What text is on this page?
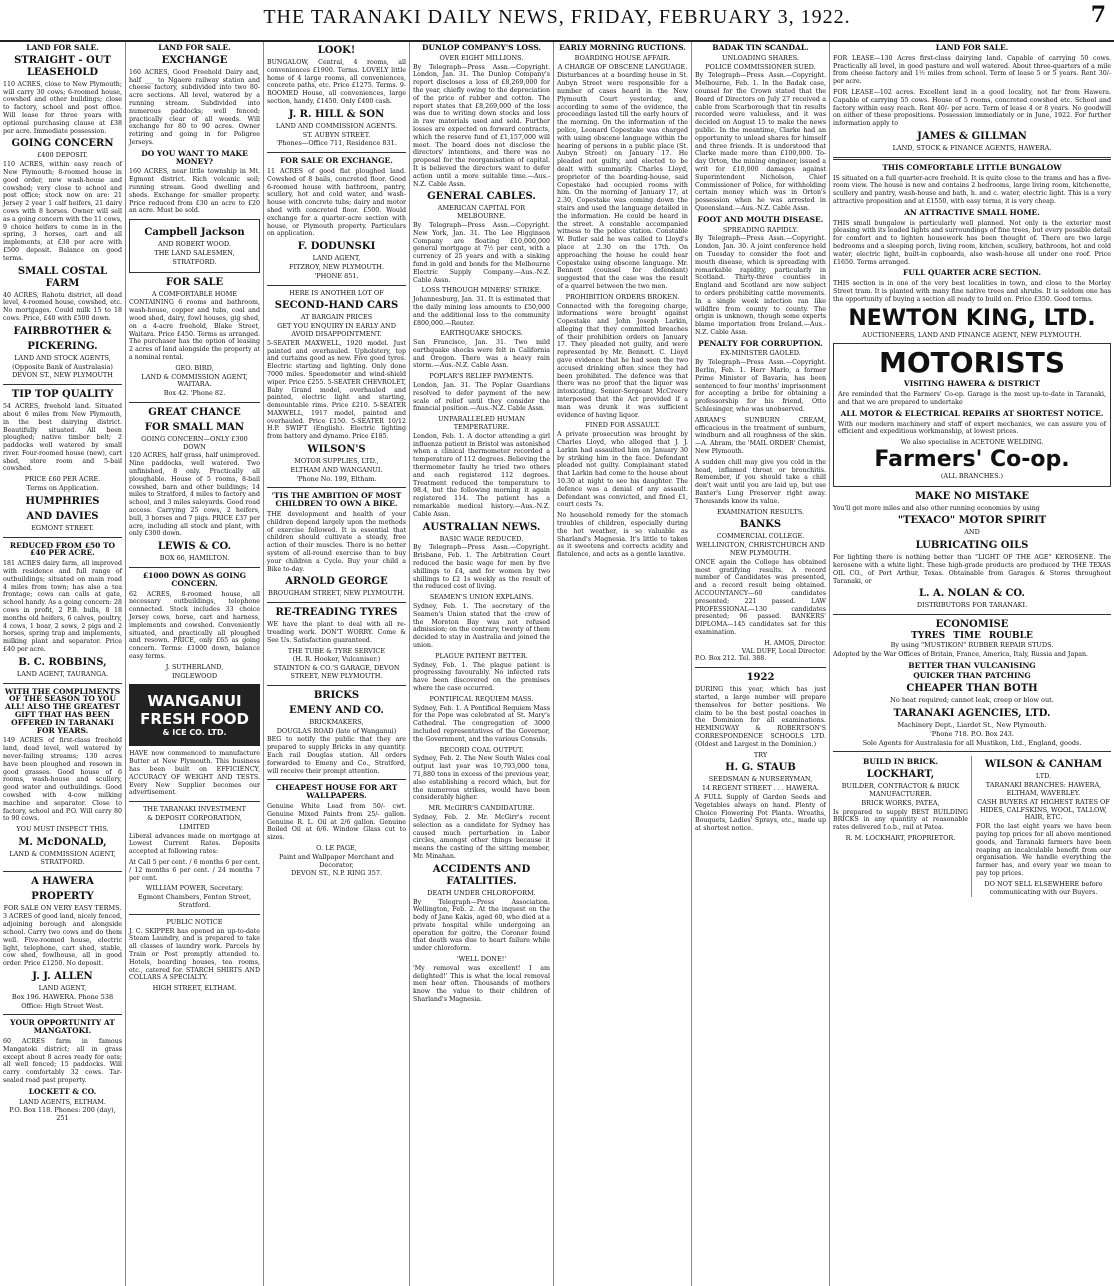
THE TARANAKI DAILY NEWS, FRIDAY, FEBRUARY 3, 1922.	7
LAND FOR SALE.
STRAIGHT - OUT LEASEHOLD

110 ACRES, close to New Plymouth; will carry 30 cows; 6-roomed house, cowshed and other buildings; close to factory, school and post office. Will lease for three years with optional purchasing clause at £38 per acre. Immediate possession.

GOING CONCERN
£400 DEPOSIT.

110 ACRES, within easy reach of New Plymouth; 8-roomed house in good order, new wash-house and cowshed; very close to school and post office; stock now on are: 21 Jersey 2 year 1 calf heifers, 21 dairy cows with 8 horses. Owner will sell as a going concern with the 11 cows, 9 choice heifers to come in in the spring, 3 horses, cart and all implements, at £38 per acre with £500 deposit. Balance on good terms.

SMALL COSTAL FARM

40 ACRES, Rahotu district, all dead level, 4-roomed house, cowshed, etc. No mortgages. Could milk 15 to 18 cows. Price, £40 with £500 down.

FAIRBROTHER &
PICKERING.
LAND AND STOCK AGENTS,
(Opposite Bank of Australasia)
DEVON ST., NEW PLYMOUTH
TIP TOP QUALITY

54 ACRES, freehold land. Situated about 6 miles from New Plymouth, in the best dairying district. Beautifully situated. All been ploughed; native timber belt; 2 paddocks well watered by small river. Four-roomed house (new), cart shed, store room and 5-bail cowshed.

PRICE £60 PER ACRE.
Terms on Application.
HUMPHRIES
AND DAVIES
EGMONT STREET.
REDUCED FROM £50 TO £40 PER ACRE.

181 ACRES dairy farm, all improved with residence and full range of outbuildings; situated on main road 4 miles from town; has also a tea frontage; cows can calls at gate, school handy. As a going concern: 28 cows in profit, 2 P.B. bulls, 8 18 months old heifers, 6 calves, poultry, 4 cows, 1 boar, 2 sows, 2 pigs and 2 horses, spring trap and implements, milking plant and separator. Price £40 per acre.

B. C. ROBBINS,
LAND AGENT, TAURANGA.
WITH THE COMPLIMENTS OF THE SEASON TO YOU ALL! ALSO THE GREATEST GIFT THAT HAS BEEN OFFERED IN TARANAKI FOR YEARS.

149 ACRES of first-class freehold land, dead level, well watered by never-failing streams; 130 acres have been ploughed and resown in good grasses. Good house of 6 rooms, wash-house and scullery, good water and outbuildings. Good cowshed with 4-cow milking machine and separator. Close to factory, school and P.O. Will carry 80 to 90 cows.

YOU MUST INSPECT THIS.
M. McDONALD,
LAND & COMMISSION AGENT, STRATFORD.
A HAWERA
PROPERTY
FOR SALE ON VERY EASY TERMS.

3 ACRES of good land, nicely fenced, adjoining borough and alongside school. Carry two cows and do them well. Five-roomed house, electric light, telephone, cart shed, stable, cow shed, fowlhouse, all in good order. Price £1250. No deposit.

J. J. ALLEN
LAND AGENT,
Box 196. HAWERA. Phone 538
Office: High Street West.
YOUR OPPORTUNITY AT MANGATOKI.

60 ACRES farm in famous Mangatoki district; all in grass except about 8 acres ready for oats; all well fenced; 15 paddocks. Will carry comfortably 32 cows. Tar-sealed road past property.

LOCKETT & CO.
LAND AGENTS, ELTHAM.
P.O. Box 118. Phones: 200 (day), 251
LAND FOR SALE.
EXCHANGE

160 ACRES, Good Freehold Dairy and, half ___ to Ngaere railway station and cheese factory, subdivided into two 80-acre sections. All level, watered by a running stream. Subdivided into numerous paddocks; well fenced; practically clear of all weeds. Will exchange for 80 to 90 acres. Owner retiring and going in for Poligree Jerseys.

DO YOU WANT TO MAKE MONEY?

160 ACRES, near little township in Mt. Egmont district. Rich volcanic soil; running stream. Good dwelling and sheds. Exchange for smaller property. Price reduced from £30 an acre to £20 an acre. Must be sold.

Campbell Jackson
AND ROBERT WOOD.
THE LAND SALESMEN,
STRATFORD.
FOR SALE
A COMFORTABLE HOME

CONTAINING 6 rooms and bathroom, wash-house, copper and tubs, coal and wood shed, dairy, fowl houses, gig shed, on a 4-acre freehold, Blake Street, Waitara. Price £450. Terms as arranged. The purchaser has the option of leasing 2 acres of land alongside the property at a nominal rental.

GEO. BIRD,
LAND & COMMISSION AGENT, WAITARA.
Box 42. 'Phone 82.
GREAT CHANCE
FOR SMALL MAN
GOING CONCERN—ONLY £300 DOWN

120 ACRES, half grass, half unimproved. Nine paddocks, well watered. Two unfinished, 8 only. Practically all ploughable. House of 5 rooms, 8-bail cowshed, barn and other buildings; 14 miles to Stratford, 4 miles to factory and school, and 3 miles saleyards. Good road access. Carrying 25 cows, 2 heifers, bull, 3 horses and 7 pigs. PRICE £37 per acre, including all stock and plant, with only £300 down.

LEWIS & CO.
BOX 66, HAMILTON.
£1000 DOWN AS GOING CONCERN.

62 ACRES, 8-roomed house, all necessary outbuildings, telephone connected. Stock includes 33 choice Jersey cows, horse, cart and harness, implements and cowshed. Conveniently situated, and practically all ploughed and resown. PRICE, only £65 as going concern. Terms: £1000 down, balance easy terms.

J. SUTHERLAND,
INGLEWOOD
WANGANUI
FRESH FOOD
& ICE CO. LTD.

HAVE now commenced to manufacture Butter at New Plymouth. This business has been built on EFFICIENCY, ACCURACY OF WEIGHT AND TESTS. Every New Supplier becomes our advertisement.

THE TARANAKI INVESTMENT
& DEPOSIT CORPORATION,
LIMITED

Liberal advances made on mortgage at Lowest Current Rates. Deposits accepted at following rates:

At Call 5 per cent. / 6 months 6 per cent. / 12 months 6 per cent. / 24 months 7 per cent.

WILLIAM POWER, Secretary.
Egmont Chambers, Fenton Street, Stratford.
PUBLIC NOTICE

J. C. SKIPPER has opened an up-to-date Steam Laundry, and is prepared to take all classes of laundry work. Parcels by Train or Post promptly attended to. Hotels, boarding houses, tea rooms, etc., catered for. STARCH SHIRTS AND COLLARS A SPECIALTY.

HIGH STREET, ELTHAM.
LOOK!

BUNGALOW, Central, 4 rooms, all conveniences £1900. Terms. LOVELY little home of 4 large rooms, all conveniences, concrete paths, etc. Price £1275. Terms. 9-ROOMED House, all conveniences, large section, handy, £1450. Only £400 cash.

J. R. HILL & SON
LAND AND COMMISSION AGENTS.
ST. AUBYN STREET.
'Phones—Office 711, Residence 831.
FOR SALE OR EXCHANGE.

11 ACRES of good flat ploughed land. Cowshed of 8 bails, concreted floor. Good 6-roomed house with bathroom, pantry, scullery, hot and cold water, and wash-house with concrete tubs; dairy and motor shed with concreted floor. £500. Would exchange for a quarter-acre section with house, or Plymouth property. Particulars on application.

F. DODUNSKI
LAND AGENT,
FITZROY, NEW PLYMOUTH.
'PHONE 851.
HERE IS ANOTHER LOT OF
SECOND-HAND CARS
AT BARGAIN PRICES
GET YOU ENQUIRY IN EARLY AND AVOID DISAPPOINTMENT.

5-SEATER MAXWELL, 1920 model. Just painted and overhauled. Upholstery, top and curtains good as new. Five good tyres. Electric starting and lighting. Only done 7000 miles. Speedometer and wind-shield wiper. Price £255. 5-SEATER CHEVROLET, Baby Grand model, overhauled and painted, electric light and starting, demountable rims. Price £210. 5-SEATER MAXWELL, 1917 model, painted and overhauled. Price £150. 5-SEATER 10/12 H.P. SWIFT (English). Electric lighting from battery and dynamo. Price £185.

WILSON'S
MOTOR SUPPLIES, LTD.,
ELTHAM AND WANGANUI.
'Phone No. 199, Eltham.
'TIS THE AMBITION OF MOST CHILDREN TO OWN A BIKE.

THE development and health of your children depend largely upon the methods of exercise followed. It is essential that children should cultivate a steady, free action of their muscles. There is no better system of all-round exercise than to buy your children a Cycle. Buy your child a Bike to-day.

ARNOLD GEORGE
BROUGHAM STREET, NEW PLYMOUTH.
RE-TREADING TYRES

WE have the plant to deal with all re-treading work. DON'T WORRY. Come & See Us. Satisfaction guaranteed.

THE TUBE & TYRE SERVICE
(H. R. Hooker, Vulcaniser.)
STAINTON & CO.'S GARAGE, DEVON STREET, NEW PLYMOUTH.
BRICKS
EMENY AND CO.
BRICKMAKERS,
DOUGLAS ROAD (late of Wanganui)

BEG to notify the public that they are prepared to supply Bricks in any quantity. Each rail Douglas station. All orders forwarded to Emeny and Co., Stratford, will receive their prompt attention.

CHEAPEST HOUSE FOR ART WALLPAPERS.

Genuine White Lead from 50/- cwt. Genuine Mixed Paints from 25/- gallon. Genuine R. L. Oil at 2/6 gallon. Genuine Boiled Oil at 6/6. Window Glass cut to sizes.

O. LE PAGE,
Paint and Wallpaper Merchant and Decorator,
DEVON ST., N.P. RING 357.
DUNLOP COMPANY'S LOSS.
OVER EIGHT MILLIONS.

By Telegraph—Press Assn.—Copyright. London, Jan. 31. The Dunlop Company's report discloses a loss of £8,269,000 for the year, chiefly owing to the depreciation of the price of rubber and cotton. The report states that £8,269,000 of the loss was due to writing down stocks and loss in raw materials used and sold. Further losses are expected on forward contracts, which the reserve fund of £1,157,000 will meet. The board does not disclose the directors' intentions, and there was no proposal for the reorganisation of capital. It is believed the directors want to defer action until a more suitable time.—Aus.-N.Z. Cable Assn.

GENERAL CABLES.
AMERICAN CAPITAL FOR MELBOURNE.

By Telegraph—Press Assn.—Copyright. New York, Jan. 31. The Lee Higginson Company are floating £10,000,000 general mortgage at 7½ per cent, with a currency of 25 years and with a sinking fund in gold and bonds for the Melbourne Electric Supply Company.—Aus.-N.Z. Cable Assn.

LOSS THROUGH MINERS' STRIKE.

Johannesburg, Jan. 31. It is estimated that the daily mining loss amounts to £50,000 and the additional loss to the community £800,000.—Reuter.

EARTHQUAKE SHOCKS.

San Francisco, Jan. 31. Two mild earthquake shocks were felt in California and Oregon. There was a heavy rain storm.—Aus.-N.Z. Cable Assn.

POPLAR'S RELIEF PAYMENTS.

London, Jan. 31. The Poplar Guardians resolved to defer payment of the new scale of relief until they consider the financial position.—Aus.-N.Z. Cable Assn.

UNPARALLELED HUMAN TEMPERATURE.

London, Feb. 1. A doctor attending a girl influenza patient in Bristol was astonished when a clinical thermometer recorded a temperature of 112 degrees. Believing the thermometer faulty he tried two others and each registered 112 degrees. Treatment reduced the temperature to 98.4, but the following morning it again registered 114. The patient has a remarkable medical history.—Aus.-N.Z. Cable Assn.

AUSTRALIAN NEWS.
BASIC WAGE REDUCED.

By Telegraph—Press Assn.—Copyright. Brisbane, Feb. 1. The Arbitration Court reduced the basic wage for men by five shillings to £4, and for women by two shillings to £2 1s weekly as the result of the reduced cost of living.

SEAMEN'S UNION EXPLAINS.

Sydney, Feb. 1. The secretary of the Seamen's Union stated that the crew of the Moreton Bay was not refused admission; on the contrary, twenty of them decided to stay in Australia and joined the union.

PLAGUE PATIENT BETTER.

Sydney, Feb. 1. The plague patient is progressing favourably. No infected rats have been discovered on the premises where the case occurred.

PONTIFICAL REQUIEM MASS.

Sydney, Feb. 1. A Pontifical Requiem Mass for the Pope was celebrated at St. Mary's Cathedral. The congregation of 3000 included representatives of the Governor, the Government, and the various Consuls.

RECORD COAL OUTPUT.

Sydney, Feb. 2. The New South Wales coal output last year was 10,793,000 tons, 71,880 tons in excess of the previous year, also establishing a record which, but for the numerous strikes, would have been considerably higher.

MR. McGIRR'S CANDIDATURE.

Sydney, Feb. 2. Mr. McGirr's recent selection as a candidate for Sydney has caused much perturbation in Labor circles, amongst other things because it means the casting of the sitting member, Mr. Minahan.

ACCIDENTS AND FATALITIES.
DEATH UNDER CHLOROFORM.

By Telegraph—Press Association. Wellington, Feb. 2. At the inquest on the body of Jane Kakis, aged 60, who died at a private hospital while undergoing an operation for goitre, the Coroner found that death was due to heart failure while under chloroform.

'WELL DONE!'

'My removal was excellent! I am delighted!' This is what the local removal men hear often. Thousands of mothers know the value to their children of Sharland's Magnesia.

EARLY MORNING RUCTIONS.
BOARDING HOUSE AFFAIR.
A CHARGE OF OBSCENE LANGUAGE.

Disturbances at a boarding house in St. Aubyn Street were responsible for a number of cases heard in the New Plymouth Court yesterday, and, according to some of the evidence, the proceedings lasted till the early hours of the morning. On the information of the police, Leonard Copestake was charged with using obscene language within the hearing of persons in a public place (St. Aubyn Street) on January 17. He pleaded not guilty, and elected to be dealt with summarily. Charles Lloyd, proprietor of the boarding-house, said Copestake had occupied rooms with him. On the morning of January 17, at 2.30, Copestake was coming down the stairs and used the language detailed in the information. He could be heard in the street. A constable accompanied witness to the police station. Constable W. Butler said he was called to Lloyd's place at 2.30 on the 17th. On approaching the house he could hear Copestake using obscene language. Mr. Bennett (counsel for defendant) suggested that the case was the result of a quarrel between the two men.

PROHIBITION ORDERS BROKEN.

Connected with the foregoing charge, informations were brought against Copestake and John Joseph Larkin, alleging that they committed breaches of their prohibition orders on January 17. They pleaded not guilty, and were represented by Mr. Bennett. C. Lloyd gave evidence that he had seen the two accused drinking often since they had been prohibited. The defence was that there was no proof that the liquor was intoxicating. Senior-Sergeant McCreery interposed that the Act provided if a man was drunk it was sufficient evidence of having liquor.

FINED FOR ASSAULT.

A private prosecution was brought by Charles Lloyd, who alleged that J. J. Larkin had assaulted him on January 30 by striking him in the face. Defendant pleaded not guilty. Complainant stated that Larkin had come to the house about 10.30 at night to see his daughter. The defence was a denial of any assault. Defendant was convicted, and fined £1, court costs 7s.

No household remedy for the stomach troubles of children, especially during the hot weather, is so valuable as Sharland's Magnesia. It's little to taken as it sweetens and corrects acidity and flatulence, and acts as a gentle laxative.

BADAK TIN SCANDAL.
UNLOADING SHARES.
POLICE COMMISSIONER SUED.

By Telegraph—Press Assn.—Copyright. Melbourne, Feb. 1. In the Badak case, counsel for the Crown stated that the Board of Directors on July 27 received a cable from Scarborough that tin results recorded were valueless, and it was decided on August 15 to make the news public. In the meantime, Clarke had an opportunity to unload shares for himself and three friends. It is understood that Clarke made more than £100,000. To-day Orton, the mining engineer, issued a writ for £10,000 damages against Superintendent Nicholson, Chief Commissioner of Police, for withholding certain money which was in Orton's possession when he was arrested in Queensland.—Aus.-N.Z. Cable Assn.

FOOT AND MOUTH DISEASE.
SPREADING RAPIDLY.

By Telegraph—Press Assn.—Copyright. London, Jan. 30. A joint conference held on Tuesday to consider the foot and mouth disease, which is spreading with remarkable rapidity, particularly in Scotland. Thirty-three counties in England and Scotland are now subject to orders prohibiting cattle movements. In a single week infection ran like wildfire from county to county. The origin is unknown, though some experts blame importation from Ireland.—Aus.-N.Z. Cable Assn.

PENALTY FOR CORRUPTION.
EX-MINISTER GAOLED.

By Telegraph—Press Assn.—Copyright. Berlin, Feb. 1. Herr Marlo, a former Prime Minister of Bavaria, has been sentenced to four months' imprisonment for accepting a bribe for obtaining a professorship for his friend, Otto Schlesinger, who was unobserved.

ABRAM'S SUNBURN CREAM, efficacious in the treatment of sunburn, windburn and all roughness of the skin.—A. Abram, the 'MAIL ORDER' Chemist, New Plymouth.

A sudden chill may give you cold in the head, inflamed throat or bronchitis. Remember, if you should take a chill don't wait until you are laid up, but use Baxter's Lung Preserver right away. Thousands know its value.

EXAMINATION RESULTS.
BANKS
COMMERCIAL COLLEGE.
WELLINGTON, CHRISTCHURCH AND NEW PLYMOUTH.

ONCE again the College has obtained most gratifying results. A record number of Candidates was presented, and a record result being obtained. ACCOUNTANCY—60 candidates presented; 221 passed. LAW PROFESSIONAL—130 candidates presented; 96 passed. BANKERS' DIPLOMA—145 candidates sat for this examination.

H. AMOS, Director.
VAL DUFF, Local Director.
P.O. Box 212. Tel. 388.
1922

DURING this year, which has just started, a large number will prepare themselves for better positions. We claim to be the best postal coaches in the Dominion for all examinations. HEMINGWAY & ROBERTSON'S CORRESPONDENCE SCHOOLS LTD. (Oldest and Largest in the Dominion.)

TRY
H. G. STAUB
SEEDSMAN & NURSERYMAN,
14 REGENT STREET . . . HAWERA.

A FULL Supply of Garden Seeds and Vegetables always on hand. Plenty of Choice Flowering Pot Plants. Wreaths, Bouquets, Ladies' Sprays, etc., made up at shortest notice.

LAND FOR SALE.

FOR LEASE—130 Acres first-class dairying land. Capable of carrying 50 cows. Practically all level, in good pasture and well watered. About three-quarters of a mile from cheese factory and 1½ miles from school. Term of lease 5 or 5 years. Rent 30/- per acre.

FOR LEASE—102 acres. Excellent land in a good locality, not far from Hawera. Capable of carrying 55 cows. House of 5 rooms, concreted cowshed etc. School and factory within easy reach. Rent 40/- per acre. Term of lease 4 or 8 years. No goodwill on either of these propositions. Possession immediately or in June, 1922. For further information apply to

JAMES & GILLMAN
LAND, STOCK & FINANCE AGENTS, HAWERA.
THIS COMFORTABLE LITTLE BUNGALOW

IS situated on a full quarter-acre freehold. It is quite close to the trams and has a five-room view. The house is new and contains 2 bedrooms, large living room, kitchenette, scullery and pantry, wash-house and bath, h. and c. water, electric light. This is a very attractive proposition and at £1550, with easy terms, it is very cheap.

AN ATTRACTIVE SMALL HOME.

THIS small bungalow is particularly well planned. Not only is the exterior most pleasing with its leaded lights and surroundings of fine trees, but every possible detail for comfort and to lighten housework has been thought of. There are two large bedrooms and a sleeping porch, living room, kitchen, scullery, bathroom, hot and cold water, electric light, built-in cupboards, also wash-house all under one roof. Price £1650. Terms arranged.

FULL QUARTER ACRE SECTION.

THIS section is in one of the very best localities in town, and close to the Morley Street tram. It is planted with many fine native trees and shrubs. It is seldom one has the opportunity of buying a section all ready to build on. Price £350. Good terms.

NEWTON KING, LTD.
AUCTIONEERS, LAND AND FINANCE AGENT, NEW PLYMOUTH.
MOTORISTS
VISITING HAWERA & DISTRICT

Are reminded that the Farmers' Co-op. Garage is the most up-to-date in Taranaki, and that we are prepared to undertake

ALL MOTOR & ELECTRICAL REPAIRS AT SHORTEST NOTICE.

With our modern machinery and staff of expert mechanics, we can assure you of efficient and expeditious workmanship, at lowest prices.

We also specialise in ACETONE WELDING.
Farmers' Co-op.
(ALL BRANCHES.)
MAKE NO MISTAKE

You'll get more miles and also other running economies by using

"TEXACO" MOTOR SPIRIT
AND
LUBRICATING OILS

For lighting there is nothing better than "LIGHT OF THE AGE" KEROSENE. The kerosene with a white light. These high-grade products are produced by THE TEXAS OIL CO., of Port Arthur, Texas. Obtainable from Garages & Stores throughout Taranaki, or

L. A. NOLAN & CO.
DISTRIBUTORS FOR TARANAKI.
ECONOMISE
TYRES TIME ROUBLE
By using "MUSTIKON" RUBBER REPAIR STUDS.

Adopted by the War Offices of Britain, France, America, Italy, Russia and Japan.

BETTER THAN VULCANISING
QUICKER THAN PATCHING
CHEAPER THAN BOTH
No heat required; cannot leak, creep or blow out.
TARANAKI AGENCIES, LTD.
Machinery Dept., Liardet St., New Plymouth.
'Phone 718. P.O. Box 243.
Sole Agents for Australasia for all Mustikon, Ltd., England, goods.
BUILD IN BRICK.
LOCKHART,
BUILDER, CONTRACTOR & BRICK MANUFACTURER.
BRICK WORKS, PATEA,

Is prepared to supply BEST BUILDING BRICKS in any quantity at reasonable rates delivered f.o.b., rail at Patea.

R. M. LOCKHART, PROPRIETOR.
WILSON & CANHAM
LTD.
TARANAKI BRANCHES: HAWERA, ELTHAM, WAVERLEY.
CASH BUYERS AT HIGHEST RATES OF HIDES, CALFSKINS, WOOL, TALLOW, HAIR, ETC.

FOR the last eight years we have been paying top prices for all above mentioned goods, and Taranaki farmers have been reaping an incalculable benefit from our organisation. We handle everything the farmer has, and every year we mean to pay top prices.

DO NOT SELL ELSEWHERE before communicating with our Buyers.
